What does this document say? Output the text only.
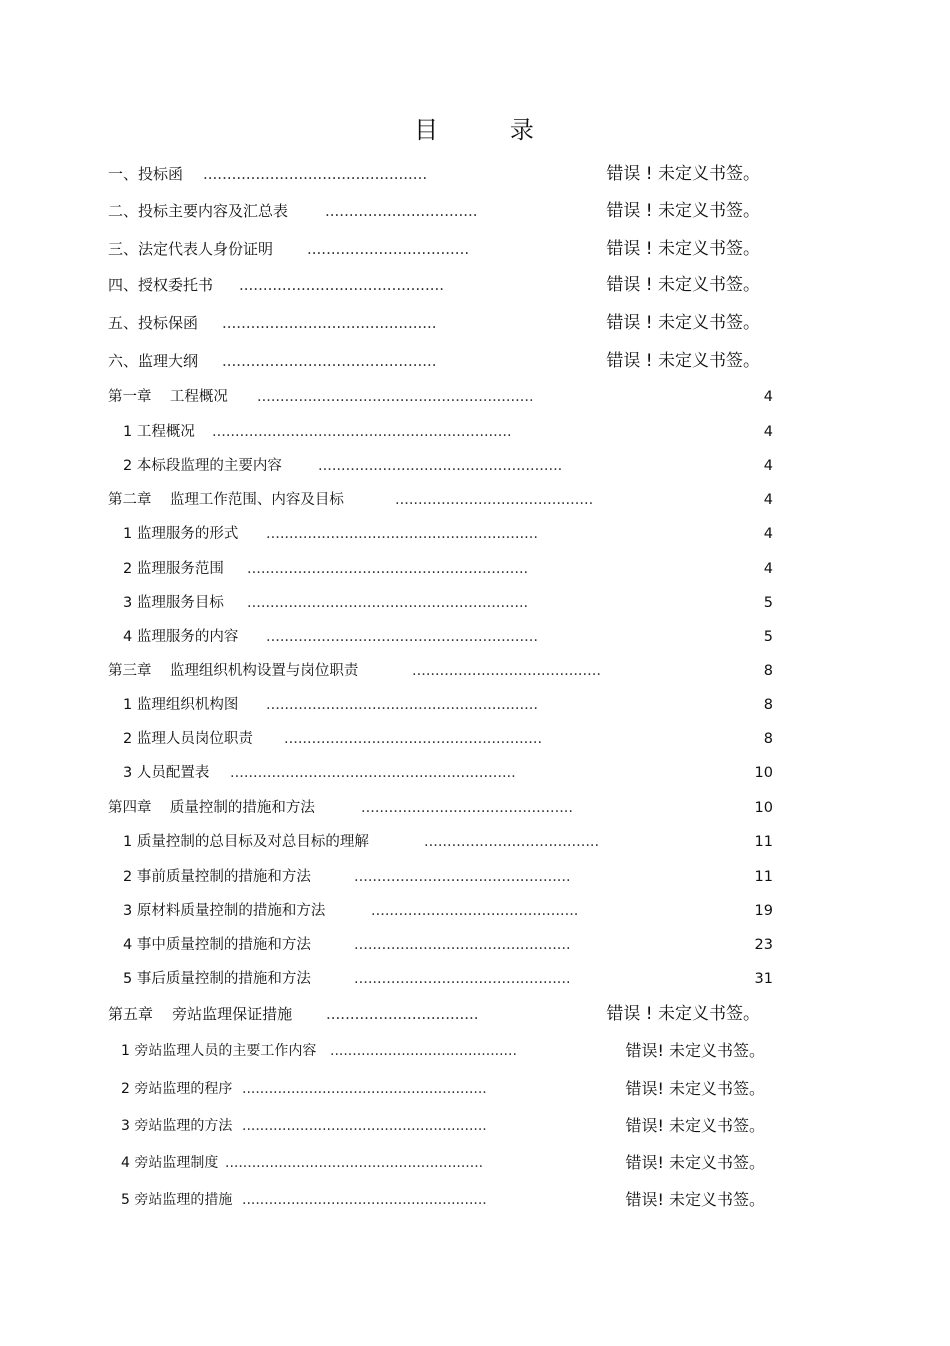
目	录
一、投标函 ...............................................	错误 ! 未定义书签。
二、投标主要内容及汇总表 ................................	错误 ! 未定义书签。
三、法定代表人身份证明 ..................................	错误 ! 未定义书签。
四、授权委托书 ...........................................	错误 ! 未定义书签。
五、投标保函 .............................................	错误 ! 未定义书签。
六、监理大纲 .............................................	错误 ! 未定义书签。
第一章    工程概况 ............................................................	4
1 工程概况 .................................................................	4
2 本标段监理的主要内容 .....................................................	4
第二章    监理工作范围、内容及目标	...........................................	4
1 监理服务的形式 ...........................................................	4
2 监理服务范围 .............................................................	4
3 监理服务目标 .............................................................	5
4 监理服务的内容 ...........................................................	5
第三章    监理组织机构设置与岗位职责	.........................................	8
1 监理组织机构图 ...........................................................	8
2 监理人员岗位职责 ........................................................	8
3 人员配置表 ..............................................................	10
第四章    质量控制的措施和方法	..............................................	10
1 质量控制的总目标及对总目标的理解	......................................	11
2 事前质量控制的措施和方法	...............................................	11
3 原材料质量控制的措施和方法	.............................................	19
4 事中质量控制的措施和方法	...............................................	23
5 事后质量控制的措施和方法	...............................................	31
第五章    旁站监理保证措施 ................................	错误 ! 未定义书签。
1 旁站监理人员的主要工作内容 ..........................................	错误! 未定义书签。
2 旁站监理的程序 .......................................................	错误! 未定义书签。
3 旁站监理的方法 .......................................................	错误! 未定义书签。
4 旁站监理制度 ..........................................................	错误! 未定义书签。
5 旁站监理的措施 .......................................................	错误! 未定义书签。
